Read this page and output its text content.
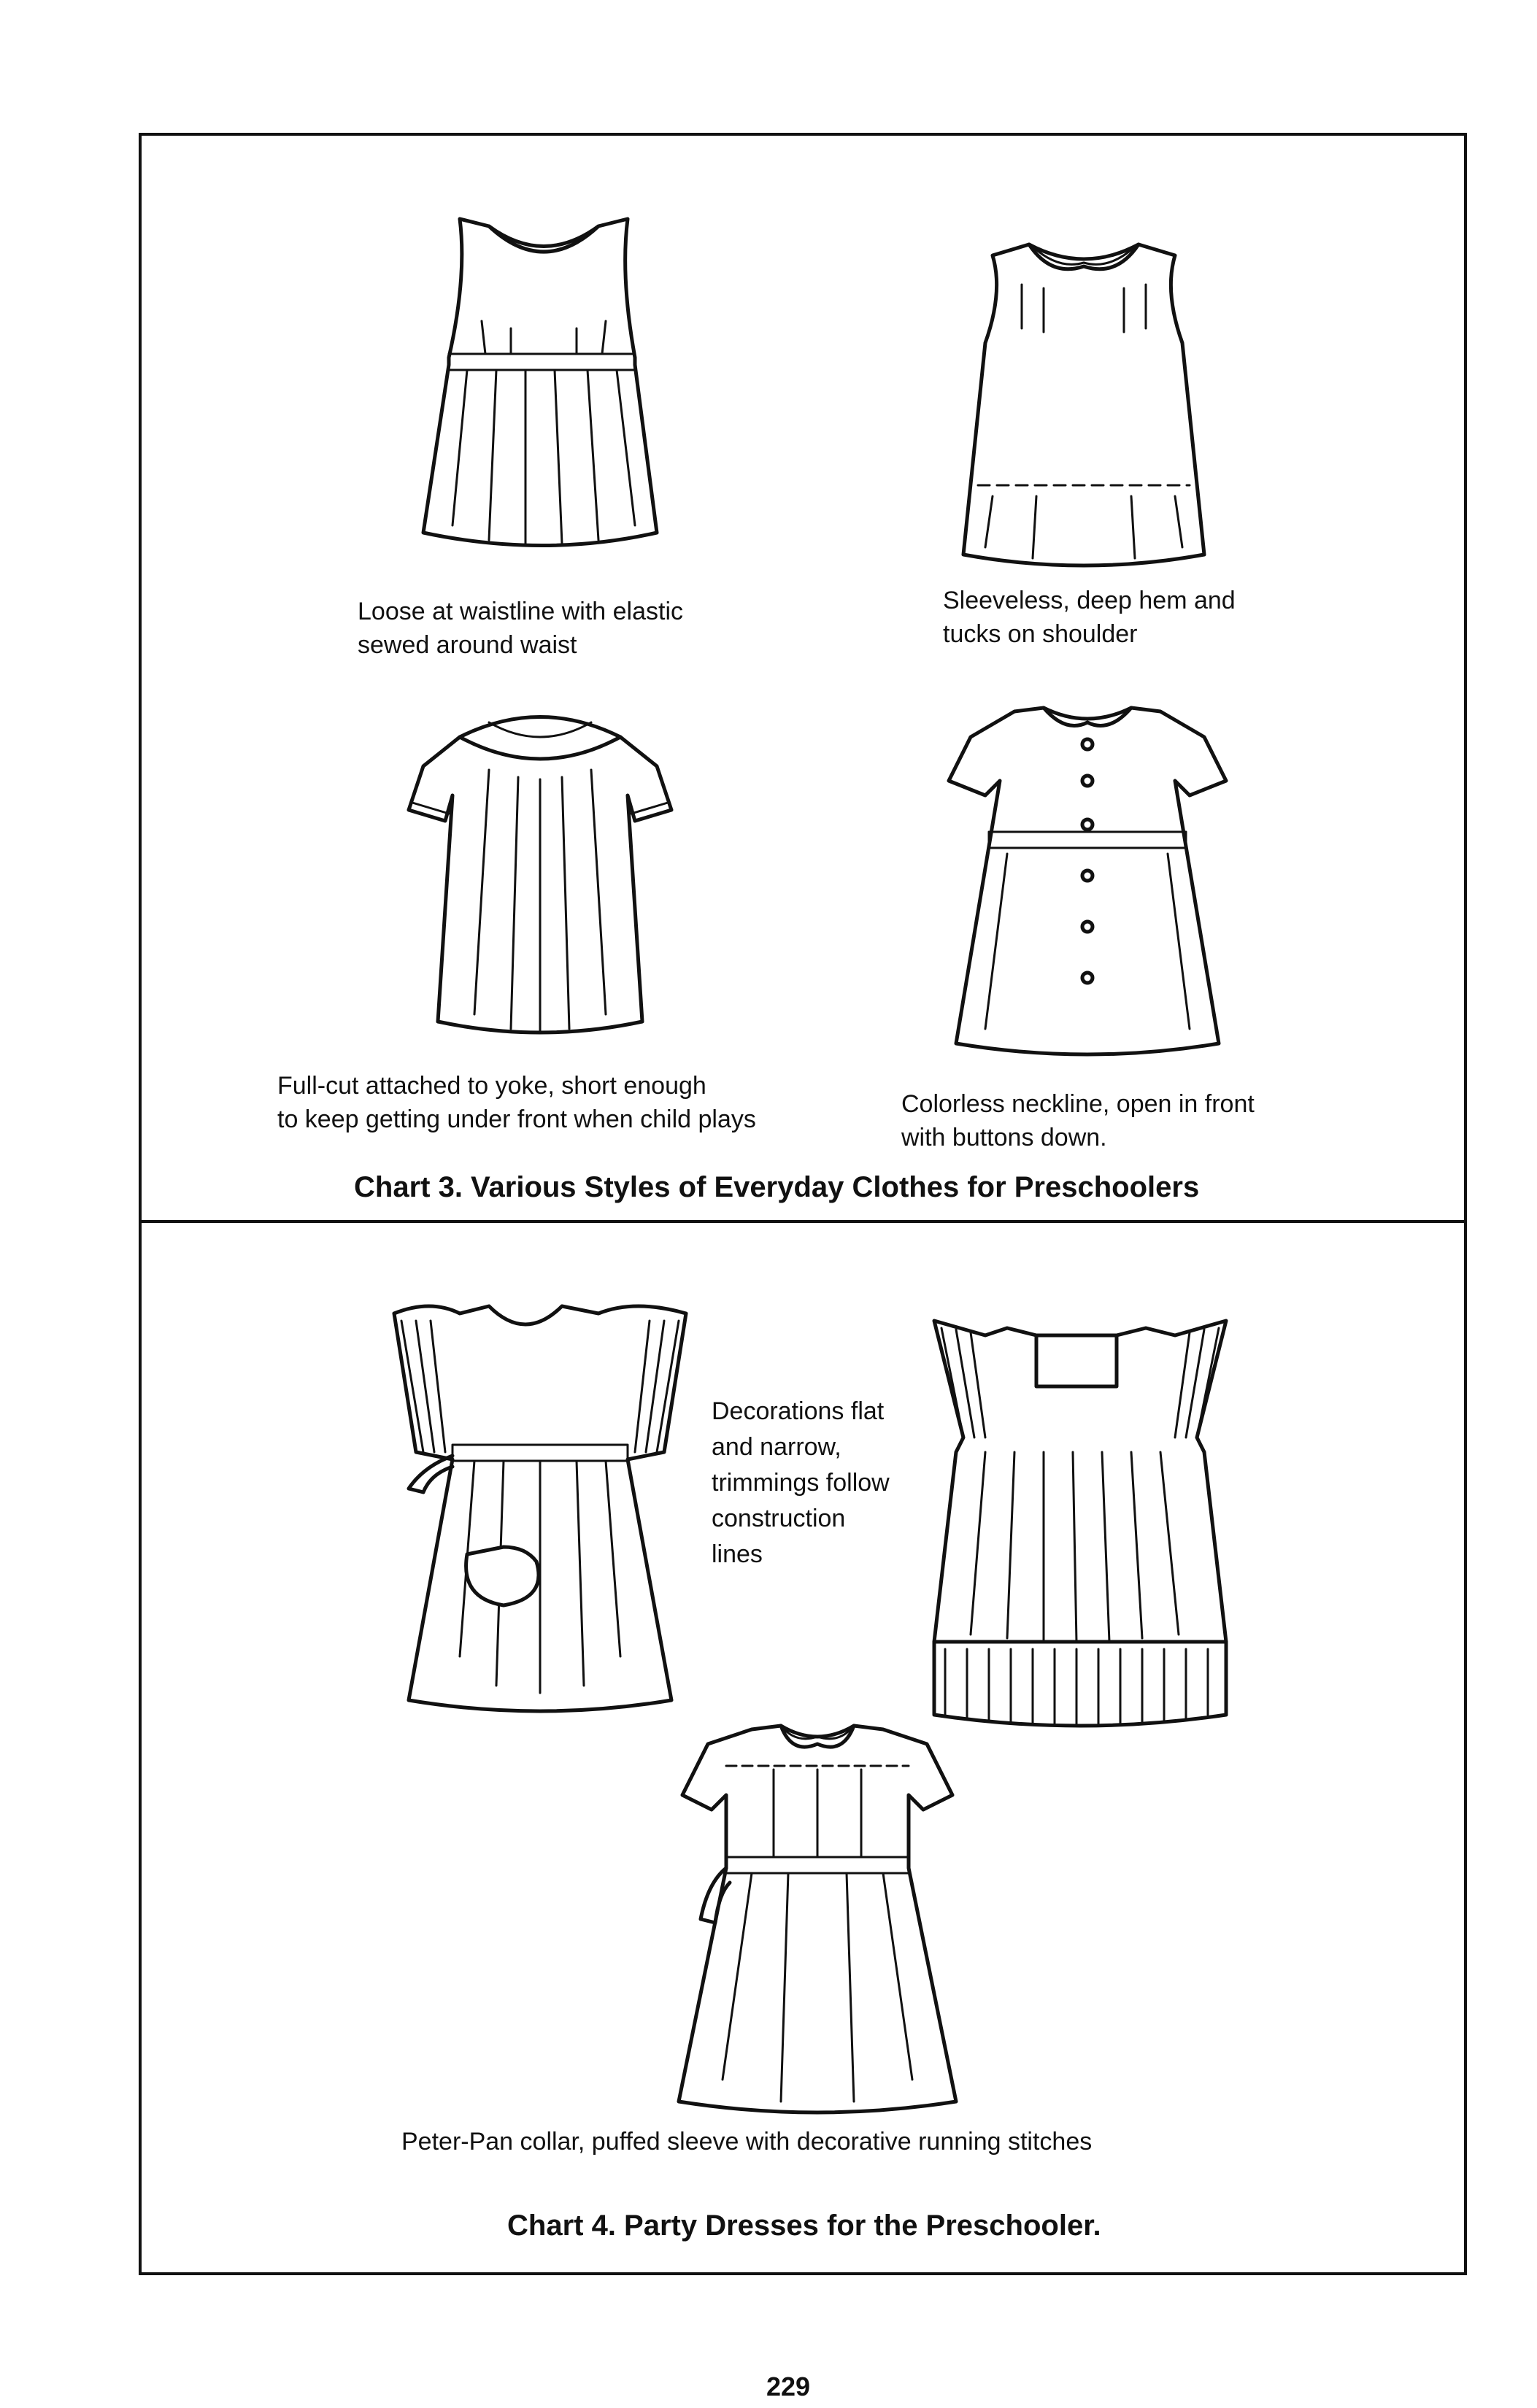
Loose at waistline with elastic
sewed around waist
Sleeveless, deep hem and
tucks on shoulder
Full-cut attached to yoke, short enough
to keep getting under front when child plays
Colorless neckline, open in front
with buttons down.
Chart 3. Various Styles of Everyday Clothes for Preschoolers
Decorations flat
and narrow,
trimmings follow
construction
lines
Peter-Pan collar, puffed sleeve with decorative running stitches
Chart 4. Party Dresses for the Preschooler.
229
